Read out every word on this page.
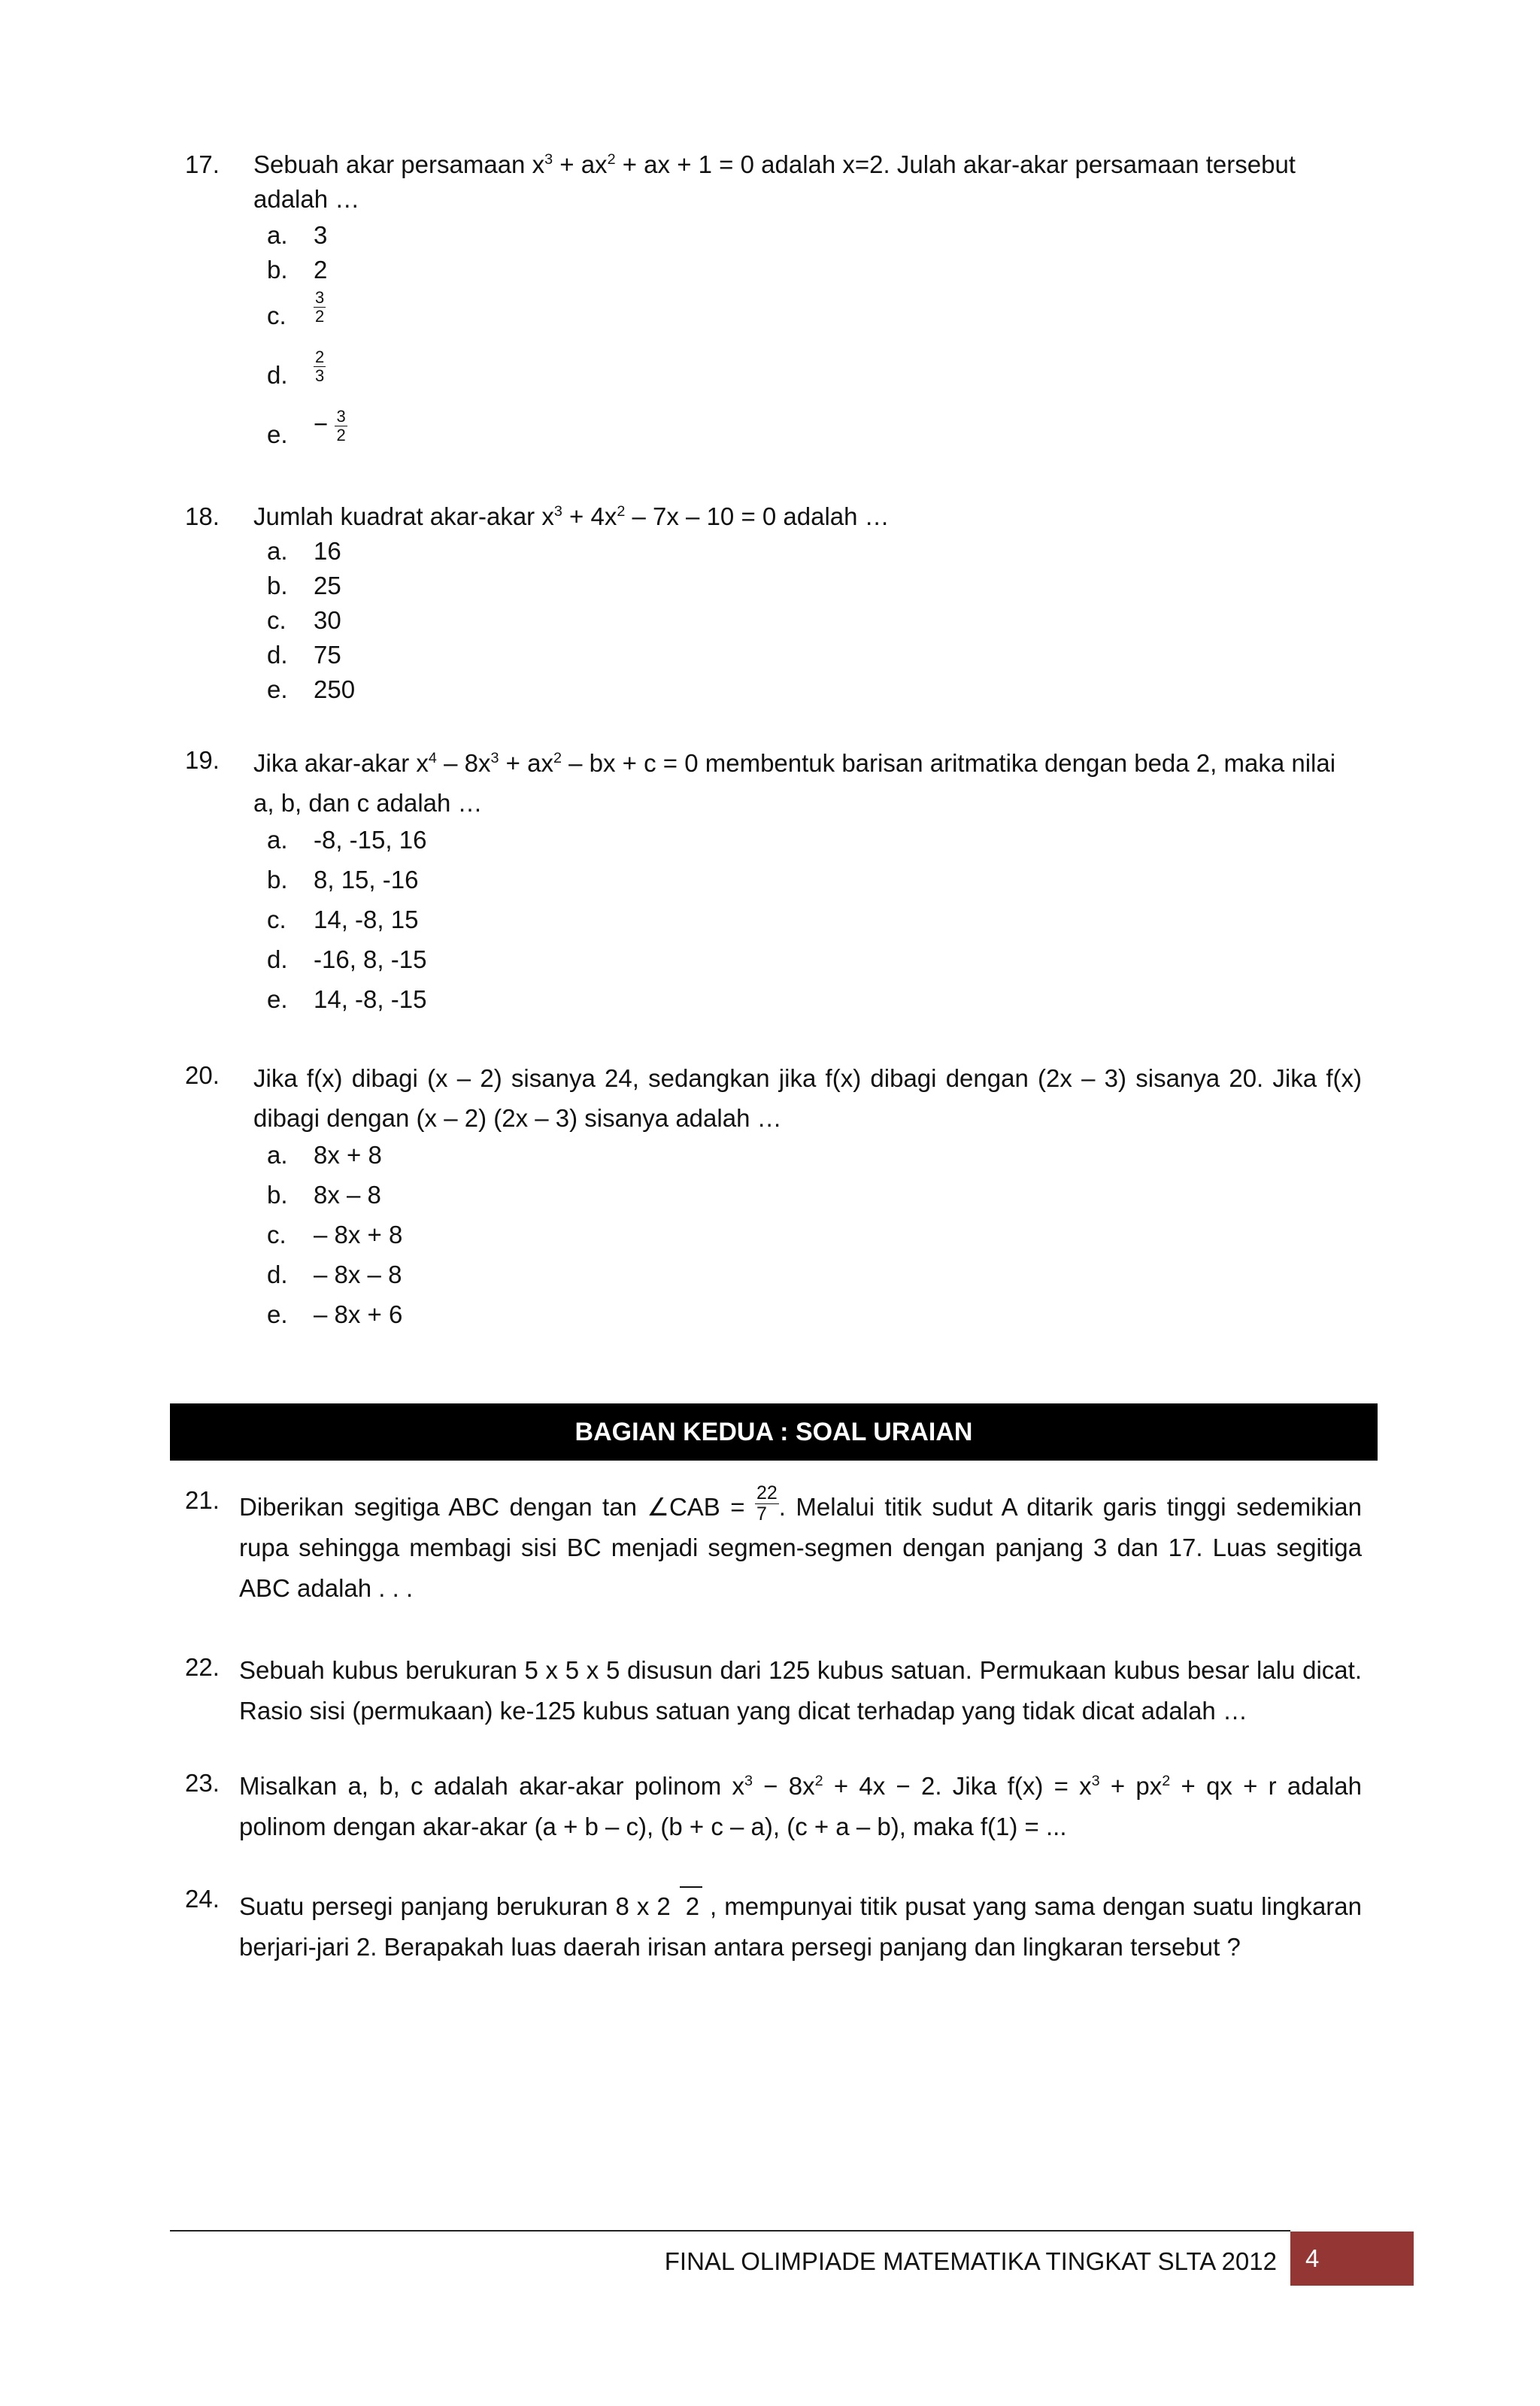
17.	Sebuah akar persamaan $x^3 + ax^2$ + ax + 1 = 0 adalah x=2. Julah akar-akar persamaan tersebut
adalah …
a. 3
b. 2
c. $\frac{3}{2}$
d. $\frac{2}{3}$
e. − $\frac{3}{2}$
18.	Jumlah kuadrat akar-akar $x^3 + 4x^2 - 7x - 10 = 0$ adalah …
a. 16
b. 25
c. 30
d. 75
e. 250
19.	Jika akar-akar $x^4 - 8x^3 + ax^2$ – bx + c = 0 membentuk barisan aritmatika dengan beda 2, maka nilai
a, b, dan c adalah …
a. -8, -15, 16
b. 8, 15, -16
c. 14, -8, 15
d. -16, 8, -15
e. 14, -8, -15
20.	Jika f(x) dibagi (x – 2) sisanya 24, sedangkan jika f(x) dibagi dengan (2x – 3) sisanya 20. Jika f(x) dibagi dengan (x – 2) (2x – 3) sisanya adalah …
a. 8x + 8
b. 8x – 8
c. – 8x + 8
d. – 8x – 8
e. – 8x + 6
BAGIAN KEDUA : SOAL URAIAN
21. Diberikan segitiga ABC dengan tan ∠CAB = $\frac{22}{7}$ . Melalui titik sudut A ditarik garis tinggi sedemikian rupa sehingga membagi sisi BC menjadi segmen-segmen dengan panjang 3 dan 17. Luas segitiga ABC adalah . . .
22. Sebuah kubus berukuran 5 x 5 x 5 disusun dari 125 kubus satuan. Permukaan kubus besar lalu dicat. Rasio sisi (permukaan) ke-125 kubus satuan yang dicat terhadap yang tidak dicat adalah …
23. Misalkan a, b, c adalah akar-akar polinom $x^3 - 8x^2 + 4x - 2$. Jika $f(x) = x^3 + px^2$ + qx + r adalah polinom dengan akar-akar (a + b – c), (b + c – a), (c + a – b), maka f(1) = ...
24. Suatu persegi panjang berukuran 8 x 2 2 , mempunyai titik pusat yang sama dengan suatu lingkaran berjari-jari 2. Berapakah luas daerah irisan antara persegi panjang dan lingkaran tersebut ?
FINAL OLIMPIADE MATEMATIKA TINGKAT SLTA 2012	4
